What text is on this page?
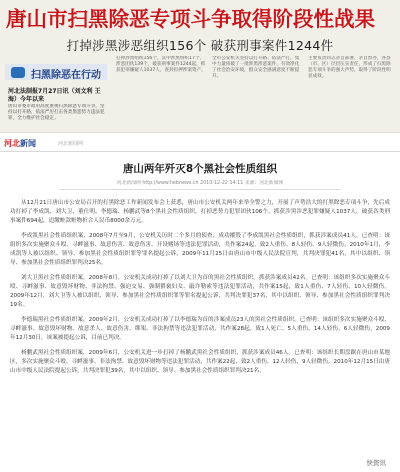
唐山市扫黑除恶专项斗争取得阶段性战果
打掉涉黑涉恶组织156个 破获刑事案件1244件
扫黑除恶在行动
河北法制报7月27日讯（刘文利 王海）今年以来
唐山市委市政府高度重视扫黑除恶专项斗争，坚持以打开路，依法严厉打击各类黑恶势力违法犯罪，全力维护社会稳定。
打掉涉黑组织156个，其中涉黑组织17个，涉恶团伙139个，破获刑事案件1244起，抓获犯罪嫌疑人1037人，查封扣押涉案资产。
全市公安机关坚持以打开路、依法严打，集中力量侦破了一批涉黑涉恶案件，有效净化了社会治安环境，群众安全感满意度不断提升。
主要负责同志亲自部署、亲自督办，各县（市、区）层层压实责任，形成了扫黑除恶专项斗争的强大声势，取得了阶段性明显成效。
河北新闻	河北新闻网
唐山两年歼灭8个黑社会性质组织
河北新闻网 http://www.hebnews.cn 2010-12-22 14:11 来源：河北新闻网

从12月21日唐山市公安局召开的打黑除恶工作新闻发布会上获悉，唐山市公安机关两年来举全警之力，开展了声势浩大的打黑除恶专项斗争，先后成功打掉了李成凯、刘大卫、董仕明、李德瑞、杨鹏武等8个黑社会性质组织，打掉恶势力犯罪团伙106个，抓获涉黑涉恶犯罪嫌疑人1037人，破获各类刑事案件694起，追缴赃款赃物折合人民币8000余万元。

李成凯黑社会性质组织案，2008年7月至9月，公安机关历时二个多月的侦查，成功摧毁了李成凯黑社会性质组织，抓获涉案成员41人。已查明：该组织多次实施聚众斗殴、寻衅滋事、故意伤害、故意伤害、开设赌场等违法犯罪活动，共作案24起，致2人重伤、8人轻伤、9人轻微伤。2010年1月，李成凯等人被以组织、领导、参加黑社会性质组织罪等罪名提起公诉，2009年11月25日由唐山市中级人民法院宣判，共判决罪犯41名，其中以组织、领导、参加黑社会性质组织罪判决25名。

刘大卫黑社会性质组织案，2008年8月，公安机关成功打掉了以刘大卫为首的黑社会性质组织，抓获涉案成员42名。已查明：该组织多次实施聚众斗殴、寻衅滋事、故意毁坏财物、非法拘禁、强迫交易、强制猥亵妇女、敲诈勒索等违法犯罪活动，共作案15起，致1人重伤、7人轻伤、10人轻微伤。2009年12月，刘大卫等人被以组织、领导、参加黑社会性质组织罪等罪名提起公诉，共判决罪犯37名，其中以组织、领导、参加黑社会性质组织罪判决19名。

李德瑞黑社会性质组织案，2009年2月，公安机关成功打掉了以李德瑞为首的涉案成员23人的黑社会性质组织。已查明：该组织多次实施聚众斗殴、寻衅滋事、故意毁坏财物、故意杀人、故意伤害、绑架、非法拘禁等违法犯罪活动，共作案28起，致1人死亡、5人重伤、14人轻伤、6人轻微伤。2009年12月30日，该案被提起公诉，目前已判决。

杨鹏武黑社会性质组织案，2009年6月，公安机关进一步打掉了杨鹏武黑社会性质组织，抓获涉案成员46人。已查明：该组织长期盘踞在唐山市某地区，多次实施聚众斗殴、寻衅滋事、非法拘禁、故意毁坏财物等违法犯罪活动，共作案22起，致2人重伤、12人轻伤、9人轻微伤。2010年12月15日由唐山市中级人民法院提起公诉，共判决罪犯39名，其中以组织、领导、参加黑社会性质组织罪判决21名。

快资讯
